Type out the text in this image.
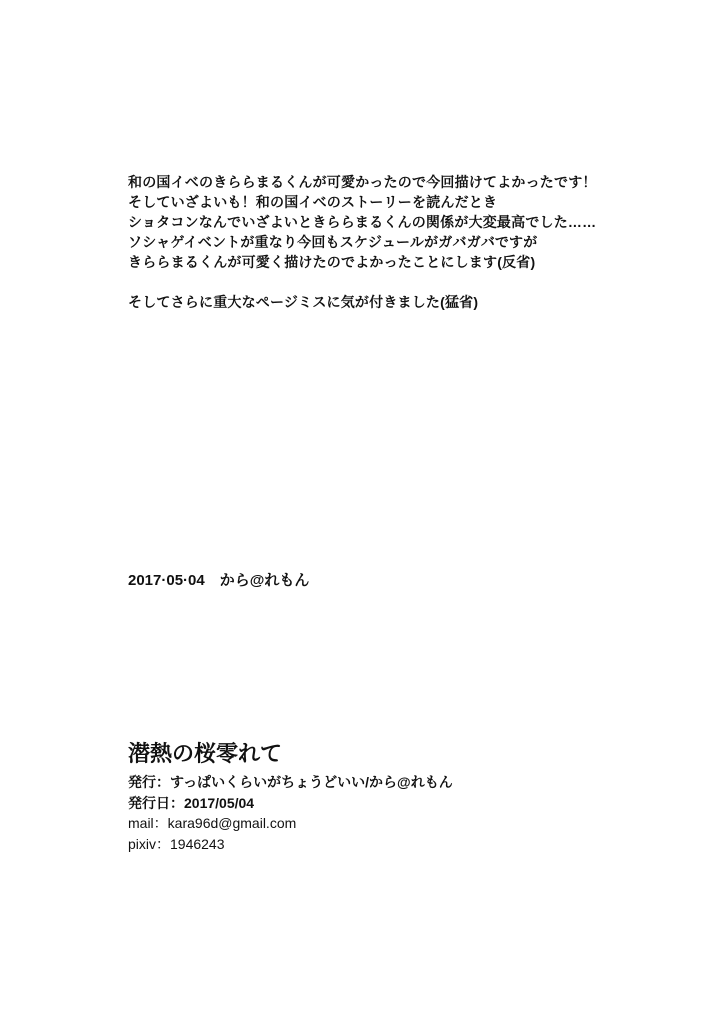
和の国イベのきららまるくんが可愛かったので今回描けてよかったです！
そしていざよいも！和の国イベのストーリーを読んだとき
ショタコンなんでいざよいときららまるくんの関係が大変最高でした……
ソシャゲイベントが重なり今回もスケジュールがガバガバですが
きららまるくんが可愛く描けたのでよかったことにします(反省)
そしてさらに重大なページミスに気が付きました(猛省)
2017·05·04　から@れもん
潜熱の桜零れて
発行：すっぱいくらいがちょうどいい/から@れもん
発行日：2017/05/04
mail：kara96d@gmail.com
pixiv：1946243
